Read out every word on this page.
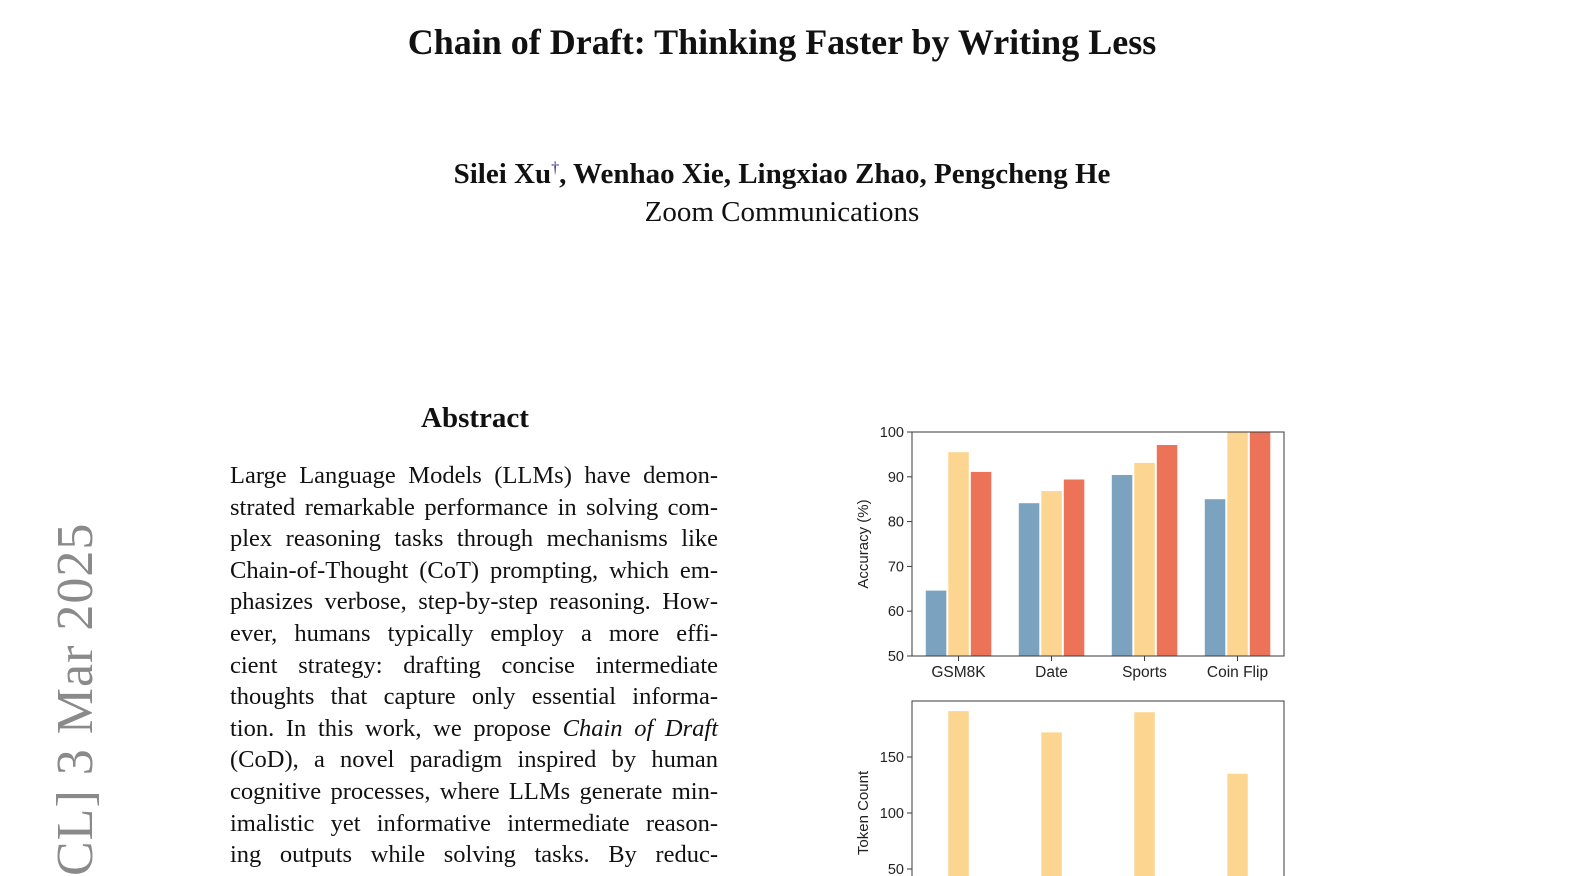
Chain of Draft: Thinking Faster by Writing Less
Silei Xu†, Wenhao Xie, Lingxiao Zhao, Pengcheng He
Zoom Communications
CL] 3 Mar 2025
Abstract
Large Language Models (LLMs) have demon-
strated remarkable performance in solving com-
plex reasoning tasks through mechanisms like
Chain-of-Thought (CoT) prompting, which em-
phasizes verbose, step-by-step reasoning. How-
ever, humans typically employ a more effi-
cient strategy: drafting concise intermediate
thoughts that capture only essential informa-
tion. In this work, we propose Chain of Draft
(CoD), a novel paradigm inspired by human
cognitive processes, where LLMs generate min-
imalistic yet informative intermediate reason-
ing outputs while solving tasks. By reduc-
50
60
70
80
90
100
GSM8K	Date	Sports	Coin Flip
Accuracy (%)
50
100
150
Token Count
